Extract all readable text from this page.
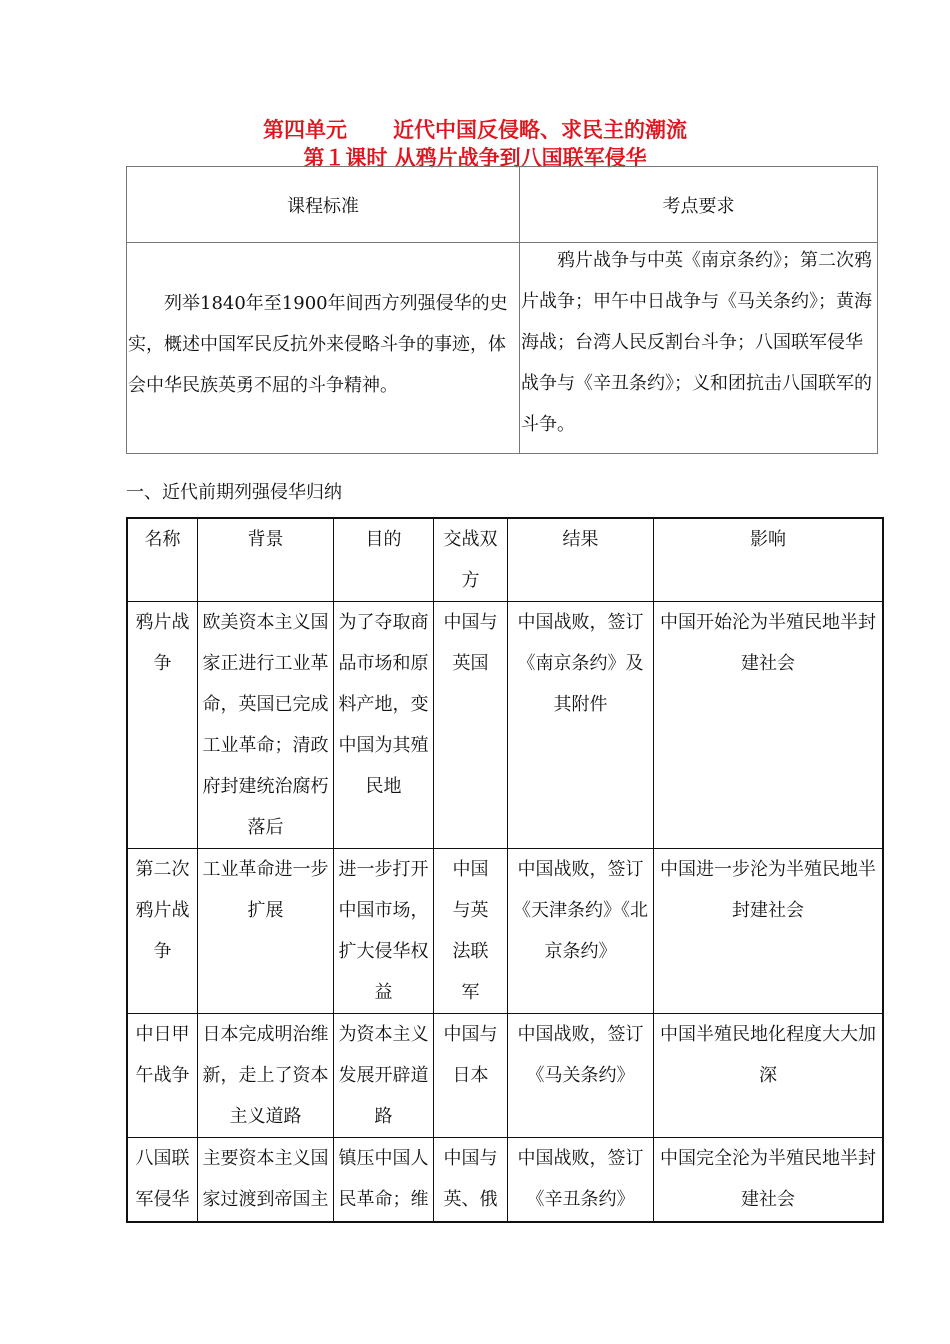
第四单元 近代中国反侵略、求民主的潮流
第１课时 从鸦片战争到八国联军侵华
课程标准	考点要求

列举1840年至1900年间西方列强侵华的史实，概述中国军民反抗外来侵略斗争的事迹，体会中华民族英勇不屈的斗争精神。	鸦片战争与中英《南京条约》；第二次鸦片战争；甲午中日战争与《马关条约》；黄海海战；台湾人民反割台斗争；八国联军侵华战争与《辛丑条约》；义和团抗击八国联军的斗争。
一、近代前期列强侵华归纳
名称	背景	目的	交战双方	结果	影响

鸦片战争	欧美资本主义国家正进行工业革命，英国已完成工业革命；清政府封建统治腐朽落后	为了夺取商品市场和原料产地，变中国为其殖民地	中国与英国	中国战败，签订《南京条约》及其附件	中国开始沦为半殖民地半封建社会

第二次鸦片战争	工业革命进一步扩展	进一步打开中国市场，扩大侵华权益	中国与英法联军	中国战败，签订《天津条约》《北京条约》	中国进一步沦为半殖民地半封建社会

中日甲午战争	日本完成明治维新，走上了资本主义道路	为资本主义发展开辟道路	中国与日本	中国战败，签订《马关条约》	中国半殖民地化程度大大加深

八国联军侵华	主要资本主义国家过渡到帝国主	镇压中国人民革命；维	中国与英、俄	中国战败，签订《辛丑条约》	中国完全沦为半殖民地半封建社会
